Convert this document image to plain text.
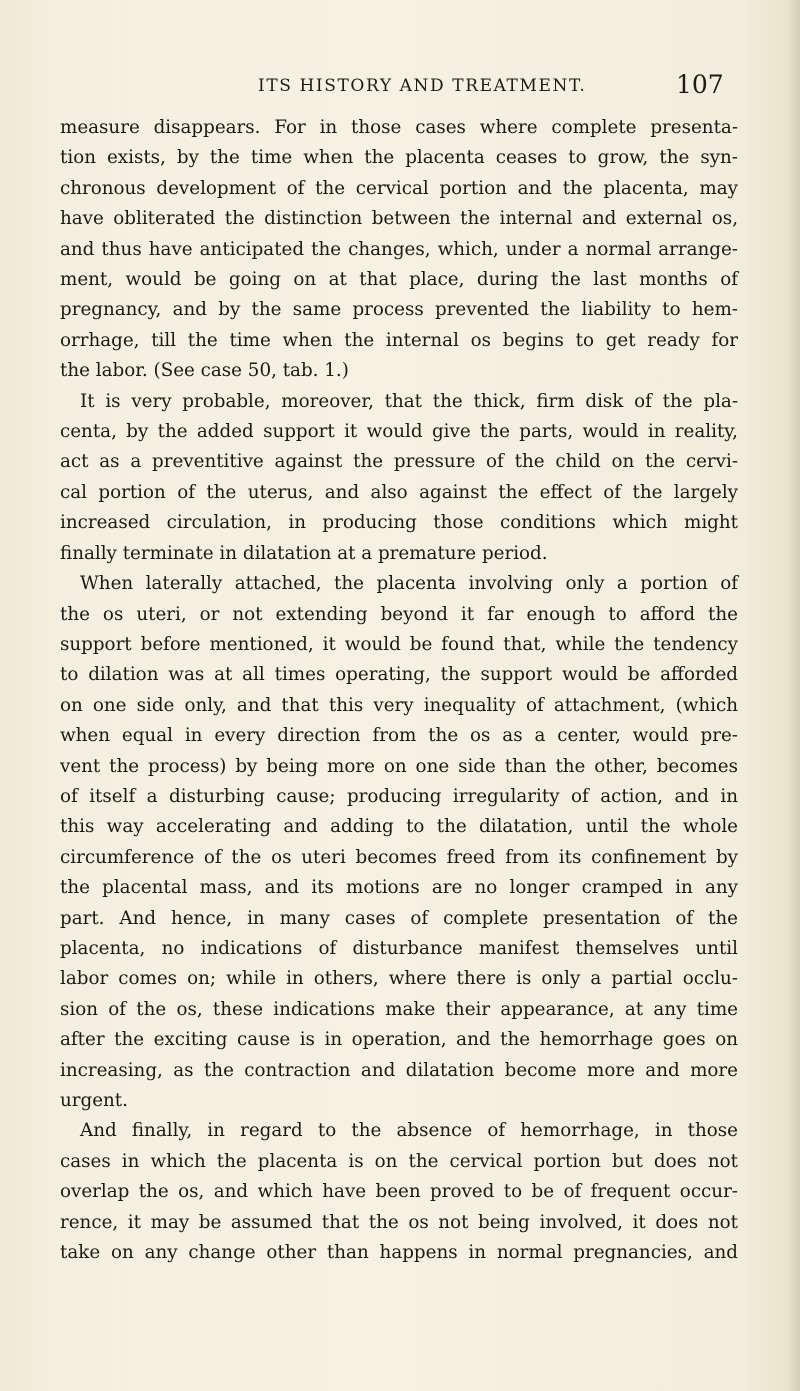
ITS HISTORY AND TREATMENT.	107
measure disappears. For in those cases where complete presenta-
tion exists, by the time when the placenta ceases to grow, the syn-
chronous development of the cervical portion and the placenta, may
have obliterated the distinction between the internal and external os,
and thus have anticipated the changes, which, under a normal arrange-
ment, would be going on at that place, during the last months of
pregnancy, and by the same process prevented the liability to hem-
orrhage, till the time when the internal os begins to get ready for
the labor. (See case 50, tab. 1.)
It is very probable, moreover, that the thick, firm disk of the pla-
centa, by the added support it would give the parts, would in reality,
act as a preventitive against the pressure of the child on the cervi-
cal portion of the uterus, and also against the effect of the largely
increased circulation, in producing those conditions which might
finally terminate in dilatation at a premature period.
When laterally attached, the placenta involving only a portion of
the os uteri, or not extending beyond it far enough to afford the
support before mentioned, it would be found that, while the tendency
to dilation was at all times operating, the support would be afforded
on one side only, and that this very inequality of attachment, (which
when equal in every direction from the os as a center, would pre-
vent the process) by being more on one side than the other, becomes
of itself a disturbing cause; producing irregularity of action, and in
this way accelerating and adding to the dilatation, until the whole
circumference of the os uteri becomes freed from its confinement by
the placental mass, and its motions are no longer cramped in any
part. And hence, in many cases of complete presentation of the
placenta, no indications of disturbance manifest themselves until
labor comes on; while in others, where there is only a partial occlu-
sion of the os, these indications make their appearance, at any time
after the exciting cause is in operation, and the hemorrhage goes on
increasing, as the contraction and dilatation become more and more
urgent.
And finally, in regard to the absence of hemorrhage, in those
cases in which the placenta is on the cervical portion but does not
overlap the os, and which have been proved to be of frequent occur-
rence, it may be assumed that the os not being involved, it does not
take on any change other than happens in normal pregnancies, and
